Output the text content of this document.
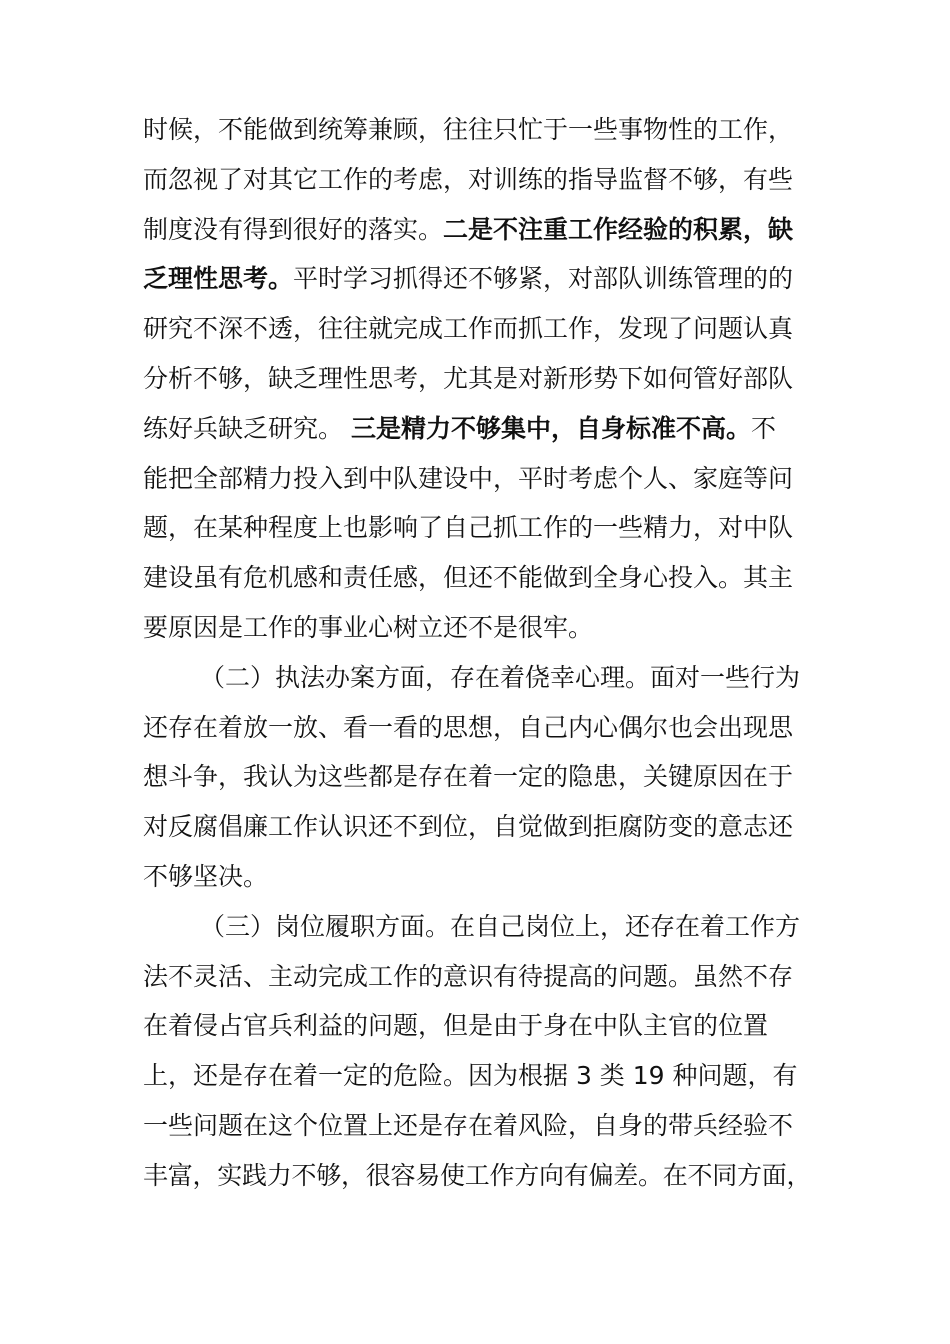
时候，不能做到统筹兼顾，往往只忙于一些事物性的工作，
而忽视了对其它工作的考虑，对训练的指导监督不够，有些
制度没有得到很好的落实。二是不注重工作经验的积累，缺
乏理性思考。平时学习抓得还不够紧，对部队训练管理的的
研究不深不透，往往就完成工作而抓工作，发现了问题认真
分析不够，缺乏理性思考，尤其是对新形势下如何管好部队
练好兵缺乏研究。 三是精力不够集中，自身标准不高。不
能把全部精力投入到中队建设中，平时考虑个人、家庭等问
题，在某种程度上也影响了自己抓工作的一些精力，对中队
建设虽有危机感和责任感，但还不能做到全身心投入。其主
要原因是工作的事业心树立还不是很牢。
（二）执法办案方面，存在着侥幸心理。面对一些行为
还存在着放一放、看一看的思想，自己内心偶尔也会出现思
想斗争，我认为这些都是存在着一定的隐患，关键原因在于
对反腐倡廉工作认识还不到位，自觉做到拒腐防变的意志还
不够坚决。
（三）岗位履职方面。在自己岗位上，还存在着工作方
法不灵活、主动完成工作的意识有待提高的问题。虽然不存
在着侵占官兵利益的问题，但是由于身在中队主官的位置
上，还是存在着一定的危险。因为根据 3 类 19 种问题，有
一些问题在这个位置上还是存在着风险，自身的带兵经验不
丰富，实践力不够，很容易使工作方向有偏差。在不同方面，
